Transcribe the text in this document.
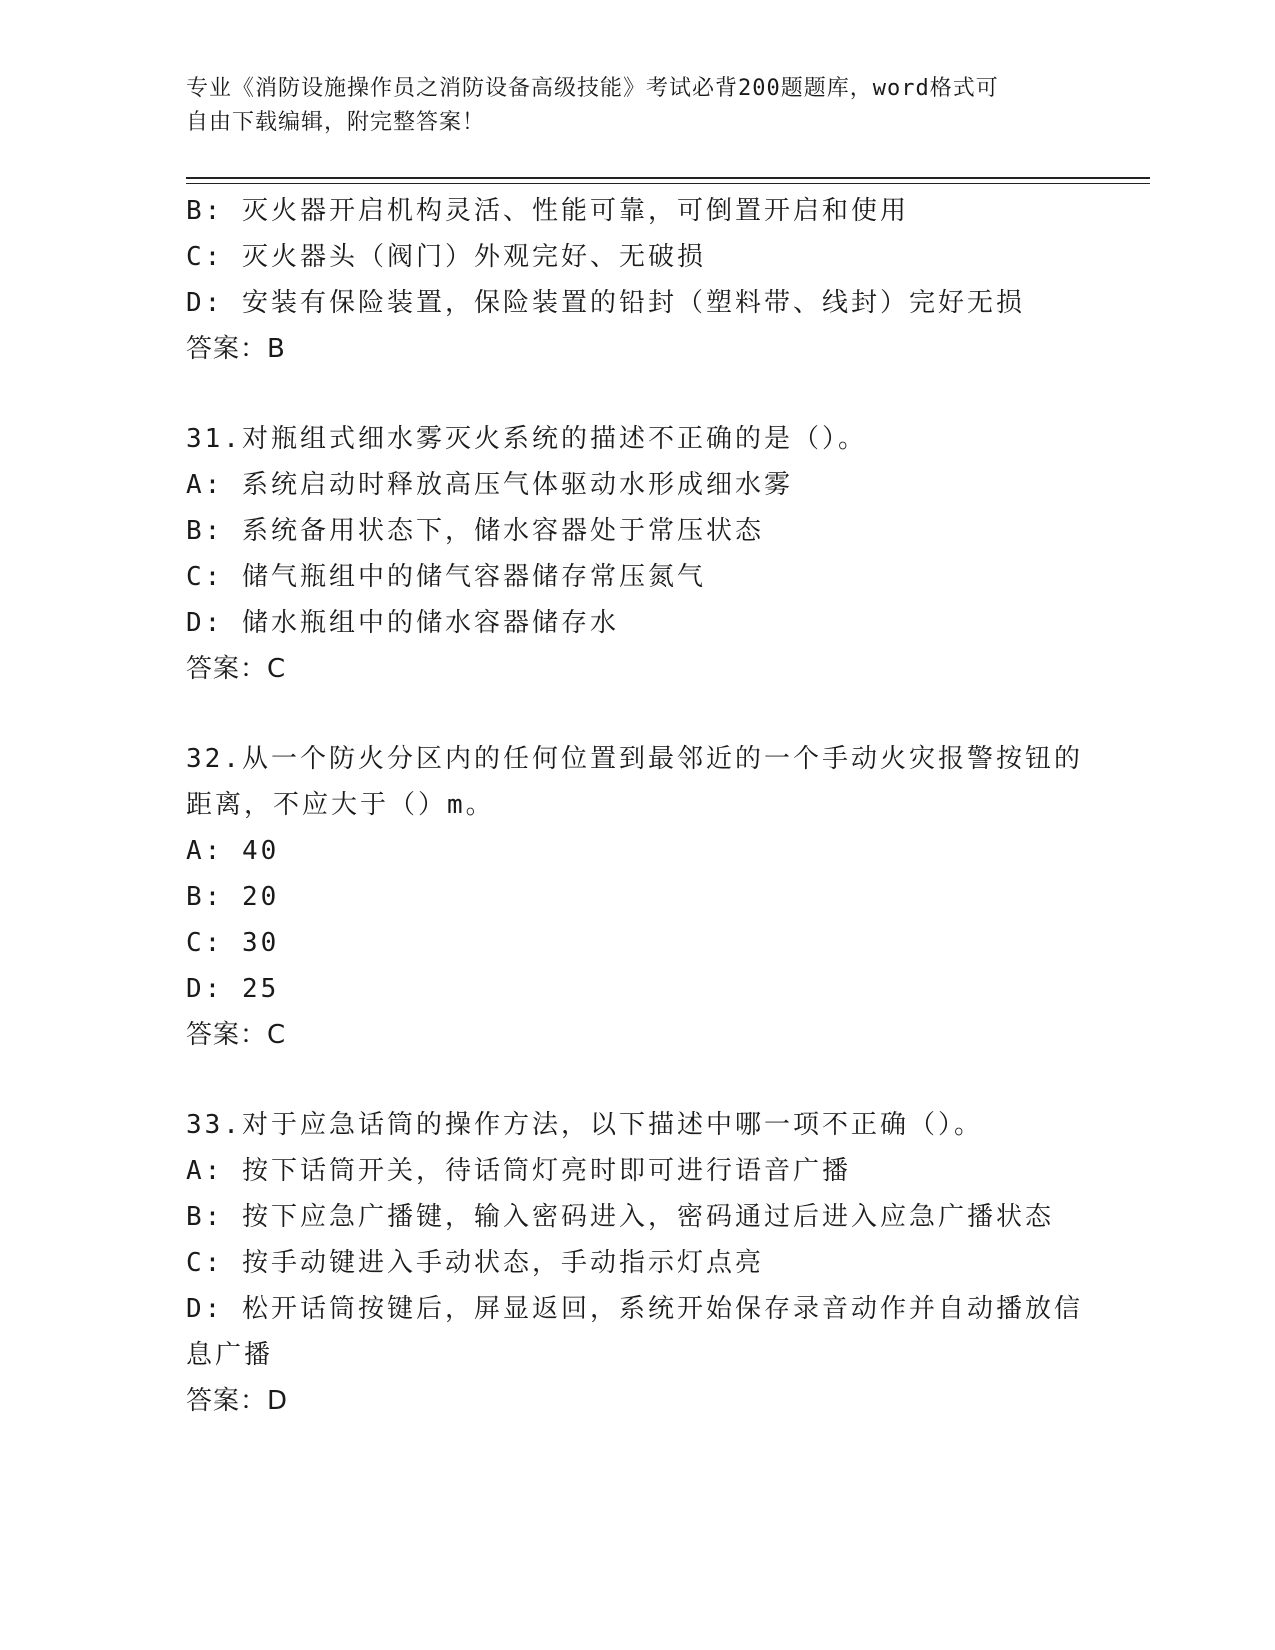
专业《消防设施操作员之消防设备高级技能》考试必背200题题库，word格式可
自由下载编辑，附完整答案！
B: 灭火器开启机构灵活、性能可靠，可倒置开启和使用
C: 灭火器头（阀门）外观完好、无破损
D: 安装有保险装置，保险装置的铅封（塑料带、线封）完好无损
答案：B
31.对瓶组式细水雾灭火系统的描述不正确的是（）。
A: 系统启动时释放高压气体驱动水形成细水雾
B: 系统备用状态下，储水容器处于常压状态
C: 储气瓶组中的储气容器储存常压氮气
D: 储水瓶组中的储水容器储存水
答案：C
32.从一个防火分区内的任何位置到最邻近的一个手动火灾报警按钮的
距离，不应大于（）m。
A: 40
B: 20
C: 30
D: 25
答案：C
33.对于应急话筒的操作方法，以下描述中哪一项不正确（）。
A: 按下话筒开关，待话筒灯亮时即可进行语音广播
B: 按下应急广播键，输入密码进入，密码通过后进入应急广播状态
C: 按手动键进入手动状态，手动指示灯点亮
D: 松开话筒按键后，屏显返回，系统开始保存录音动作并自动播放信
息广播
答案：D
